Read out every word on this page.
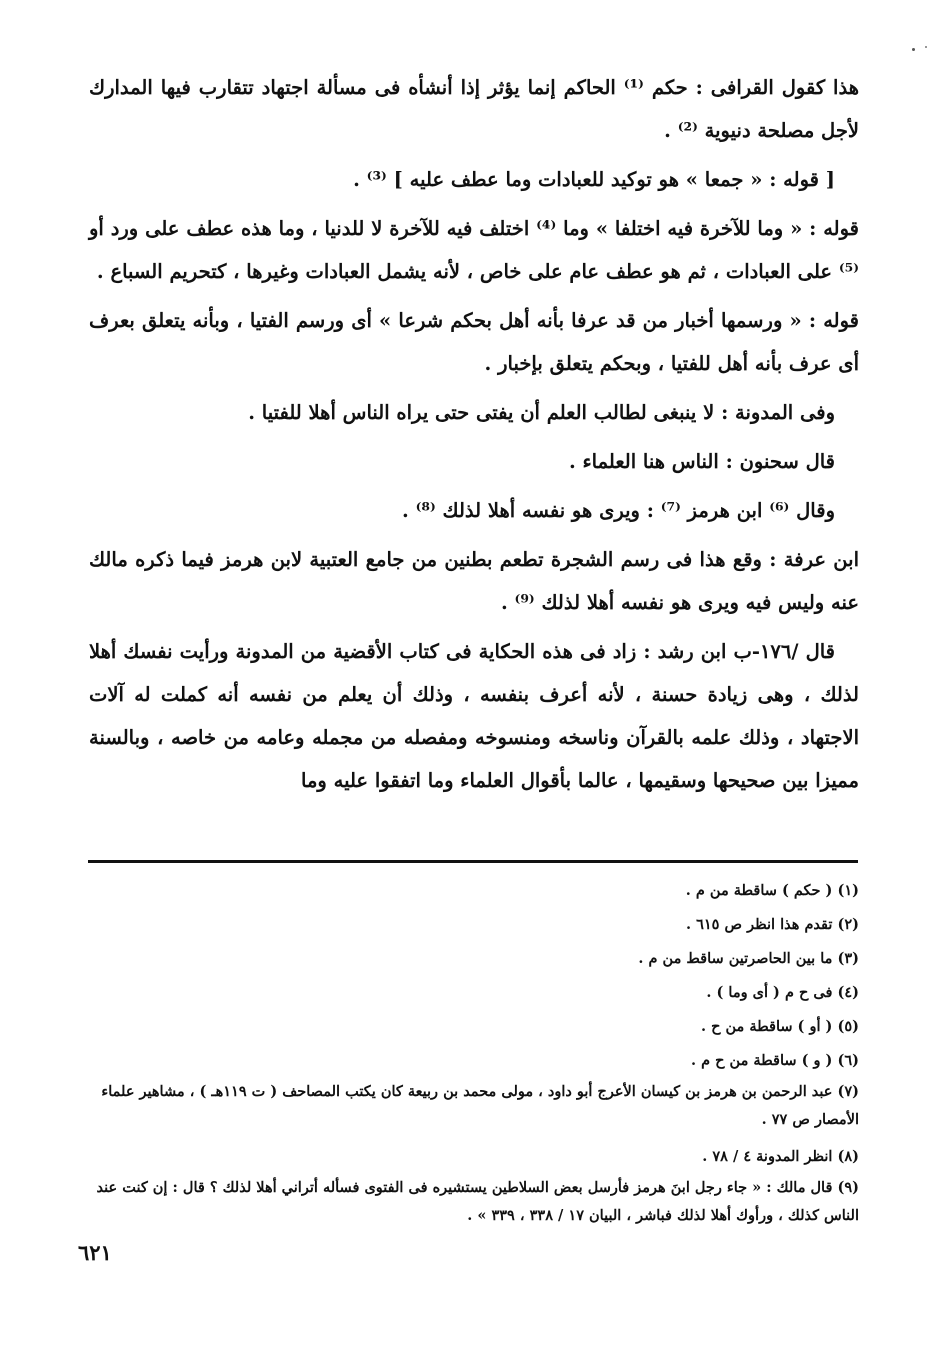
هذا كقول القرافى : حكم ⁽¹⁾ الحاكم إنما يؤثر إذا أنشأه فى مسألة اجتهاد تتقارب فيها المدارك لأجل مصلحة دنيوية ⁽²⁾ .

[ قوله : « جمعا » هو توكيد للعبادات وما عطف عليه ] ⁽³⁾ .

قوله : « وما للآخرة فيه اختلفا » وما ⁽⁴⁾ اختلف فيه للآخرة لا للدنيا ، وما هذه عطف على ورد أو ⁽⁵⁾ على العبادات ، ثم هو عطف عام على خاص ، لأنه يشمل العبادات وغيرها ، كتحريم السباع .

قوله : « ورسمها أخبار من قد عرفا بأنه أهل بحكم شرعا » أى ورسم الفتيا ، وبأنه يتعلق بعرف أى عرف بأنه أهل للفتيا ، وبحكم يتعلق بإخبار .

وفى المدونة : لا ينبغى لطالب العلم أن يفتى حتى يراه الناس أهلا للفتيا .

قال سحنون : الناس هنا العلماء .

وقال ⁽⁶⁾ ابن هرمز ⁽⁷⁾ : ويرى هو نفسه أهلا لذلك ⁽⁸⁾ .

ابن عرفة : وقع هذا فى رسم الشجرة تطعم بطنين من جامع العتبية لابن هرمز فيما ذكره مالك عنه وليس فيه ويرى هو نفسه أهلا لذلك ⁽⁹⁾ .

قال /١٧٦-ب ابن رشد : زاد فى هذه الحكاية فى كتاب الأقضية من المدونة ورأيت نفسك أهلا لذلك ، وهى زيادة حسنة ، لأنه أعرف بنفسه ، وذلك أن يعلم من نفسه أنه كملت له آلات الاجتهاد ، وذلك علمه بالقرآن وناسخه ومنسوخه ومفصله من مجمله وعامه من خاصه ، وبالسنة مميزا بين صحيحها وسقيمها ، عالما بأقوال العلماء وما اتفقوا عليه وما

(١) ( حكم ) ساقطة من م .

(٢) تقدم هذا انظر ص ٦١٥ .

(٣) ما بين الحاصرتين ساقط من م .

(٤) فى ح م ( أى وما ) .

(٥) ( أو ) ساقطة من ح .

(٦) ( و ) ساقطة من ح م .

(٧) عبد الرحمن بن هرمز بن كيسان الأعرج أبو داود ، مولى محمد بن ربيعة كان يكتب المصاحف ( ت ١١٩هـ ) ، مشاهير علماء الأمصار ص ٧٧ .

(٨) انظر المدونة ٤ / ٧٨ .

(٩) قال مالك : « جاء رجل ابنَ هرمز فأرسل بعض السلاطين يستشيره فى الفتوى فسأله أتراني أهلا لذلك ؟ قال : إن كنت عند الناس كذلك ، ورأوك أهلا لذلك فباشر ، البيان ١٧ / ٣٣٨ ، ٣٣٩ » .

٦٢١
